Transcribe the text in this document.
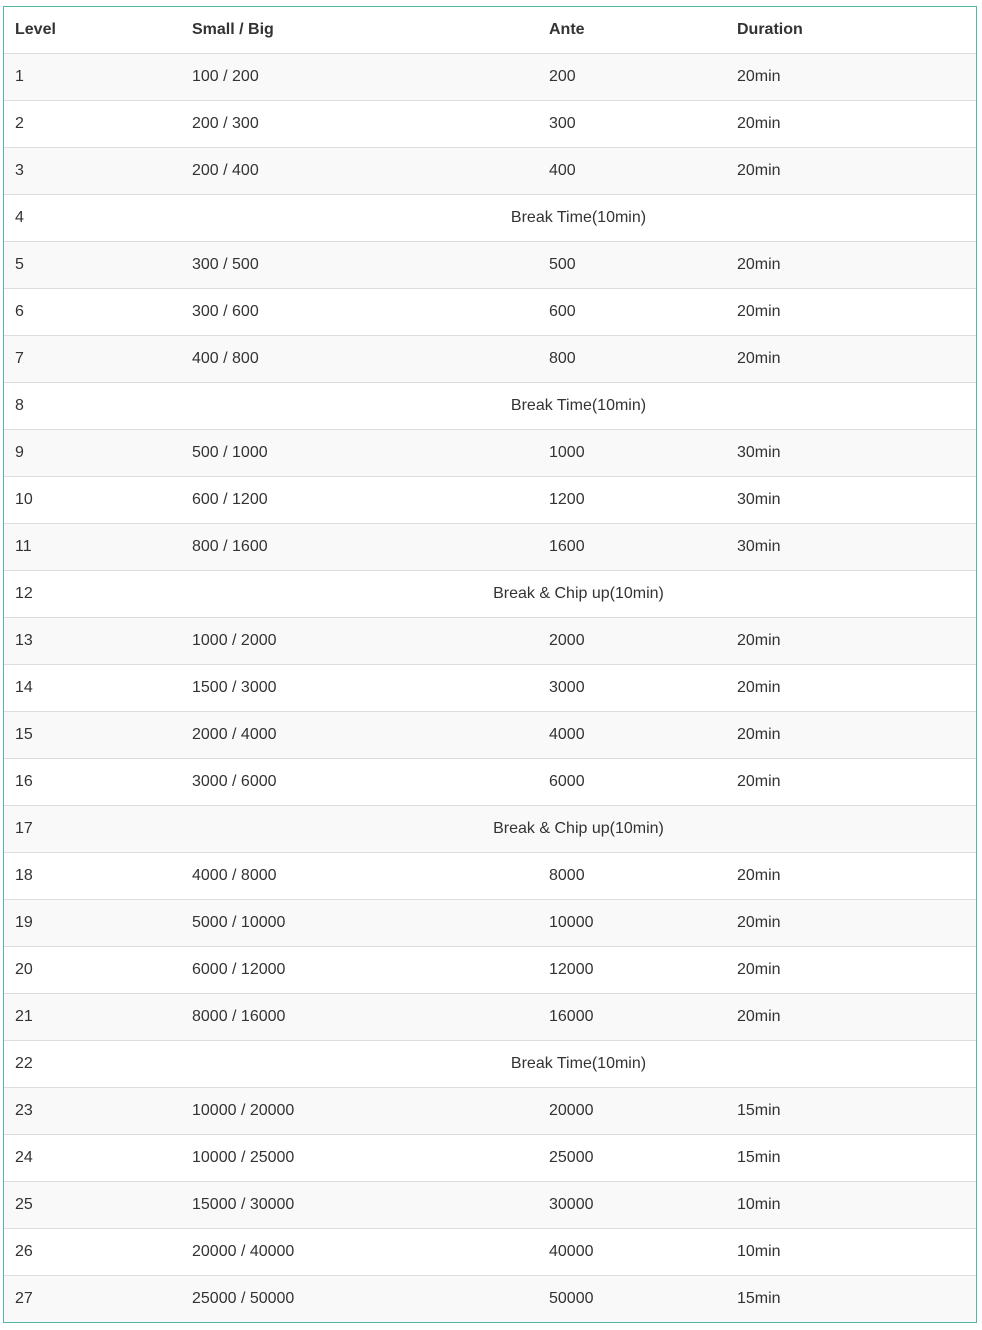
Level	Small / Big	Ante	Duration
1	100 / 200	200	20min
2	200 / 300	300	20min
3	200 / 400	400	20min
4	Break Time(10min)		
5	300 / 500	500	20min
6	300 / 600	600	20min
7	400 / 800	800	20min
8	Break Time(10min)		
9	500 / 1000	1000	30min
10	600 / 1200	1200	30min
11	800 / 1600	1600	30min
12	Break & Chip up(10min)		
13	1000 / 2000	2000	20min
14	1500 / 3000	3000	20min
15	2000 / 4000	4000	20min
16	3000 / 6000	6000	20min
17	Break & Chip up(10min)		
18	4000 / 8000	8000	20min
19	5000 / 10000	10000	20min
20	6000 / 12000	12000	20min
21	8000 / 16000	16000	20min
22	Break Time(10min)		
23	10000 / 20000	20000	15min
24	10000 / 25000	25000	15min
25	15000 / 30000	30000	10min
26	20000 / 40000	40000	10min
27	25000 / 50000	50000	15min
